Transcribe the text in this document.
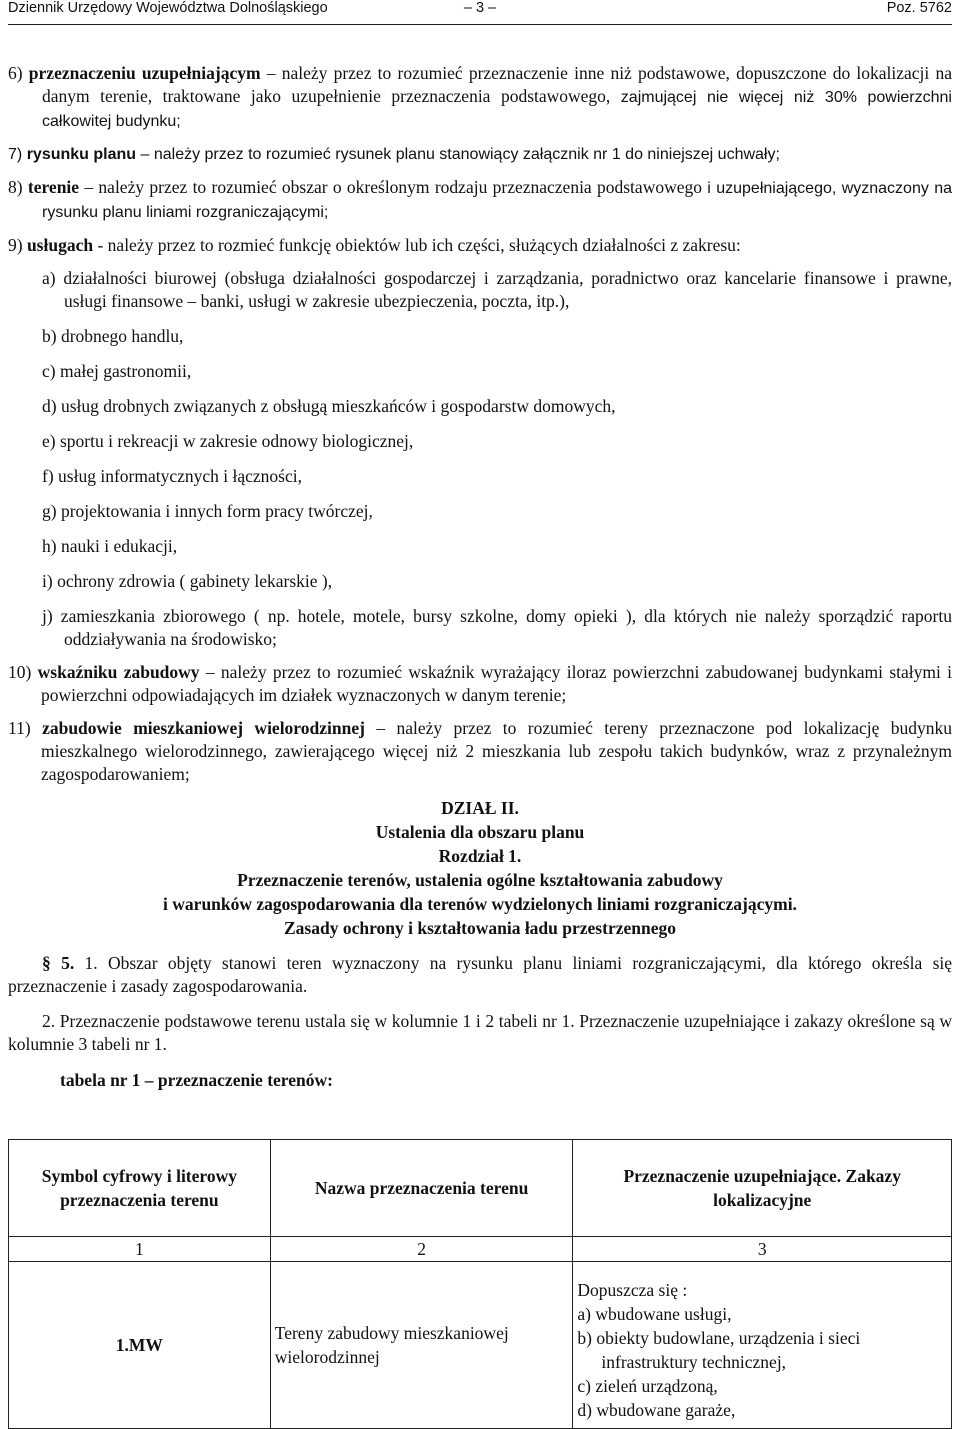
Dziennik Urzędowy Województwa Dolnośląskiego	– 3 –	Poz. 5762

6) przeznaczeniu uzupełniającym – należy przez to rozumieć przeznaczenie inne niż podstawowe, dopuszczone do lokalizacji na danym terenie, traktowane jako uzupełnienie przeznaczenia podstawowego, zajmującej nie więcej niż 30% powierzchni całkowitej budynku;

7) rysunku planu – należy przez to rozumieć rysunek planu stanowiący załącznik nr 1 do niniejszej uchwały;

8) terenie – należy przez to rozumieć obszar o określonym rodzaju przeznaczenia podstawowego i uzupełniającego, wyznaczony na rysunku planu liniami rozgraniczającymi;

9) usługach - należy przez to rozmieć funkcję obiektów lub ich części, służących działalności z zakresu:

a) działalności biurowej (obsługa działalności gospodarczej i zarządzania, poradnictwo oraz kancelarie finansowe i prawne, usługi finansowe – banki, usługi w zakresie ubezpieczenia, poczta, itp.),

b) drobnego handlu,

c) małej gastronomii,

d) usług drobnych związanych z obsługą mieszkańców i gospodarstw domowych,

e) sportu i rekreacji w zakresie odnowy biologicznej,

f) usług informatycznych i łączności,

g) projektowania i innych form pracy twórczej,

h) nauki i edukacji,

i) ochrony zdrowia ( gabinety lekarskie ),

j) zamieszkania zbiorowego ( np. hotele, motele, bursy szkolne, domy opieki ), dla których nie należy sporządzić raportu oddziaływania na środowisko;

10) wskaźniku zabudowy – należy przez to rozumieć wskaźnik wyrażający iloraz powierzchni zabudowanej budynkami stałymi i powierzchni odpowiadających im działek wyznaczonych w danym terenie;

11) zabudowie mieszkaniowej wielorodzinnej – należy przez to rozumieć tereny przeznaczone pod lokalizację budynku mieszkalnego wielorodzinnego, zawierającego więcej niż 2 mieszkania lub zespołu takich budynków, wraz z przynależnym zagospodarowaniem;

DZIAŁ II.

Ustalenia dla obszaru planu

Rozdział 1.

Przeznaczenie terenów, ustalenia ogólne kształtowania zabudowy

i warunków zagospodarowania dla terenów wydzielonych liniami rozgraniczającymi.

Zasady ochrony i kształtowania ładu przestrzennego

§ 5. 1. Obszar objęty stanowi teren wyznaczony na rysunku planu liniami rozgraniczającymi, dla którego określa się przeznaczenie i zasady zagospodarowania.

2. Przeznaczenie podstawowe terenu ustala się w kolumnie 1 i 2 tabeli nr 1. Przeznaczenie uzupełniające i zakazy określone są w kolumnie 3 tabeli nr 1.

tabela nr 1 – przeznaczenie terenów:

Symbol cyfrowy i literowy przeznaczenia terenu	Nazwa przeznaczenia terenu	Przeznaczenie uzupełniające. Zakazy lokalizacyjne
1	2	3
1.MW	Tereny zabudowy mieszkaniowej wielorodzinnej	Dopuszcza się :
a) wbudowane usługi,
b) obiekty budowlane, urządzenia i sieci infrastruktury technicznej,
c) zieleń urządzoną,
d) wbudowane garaże,
